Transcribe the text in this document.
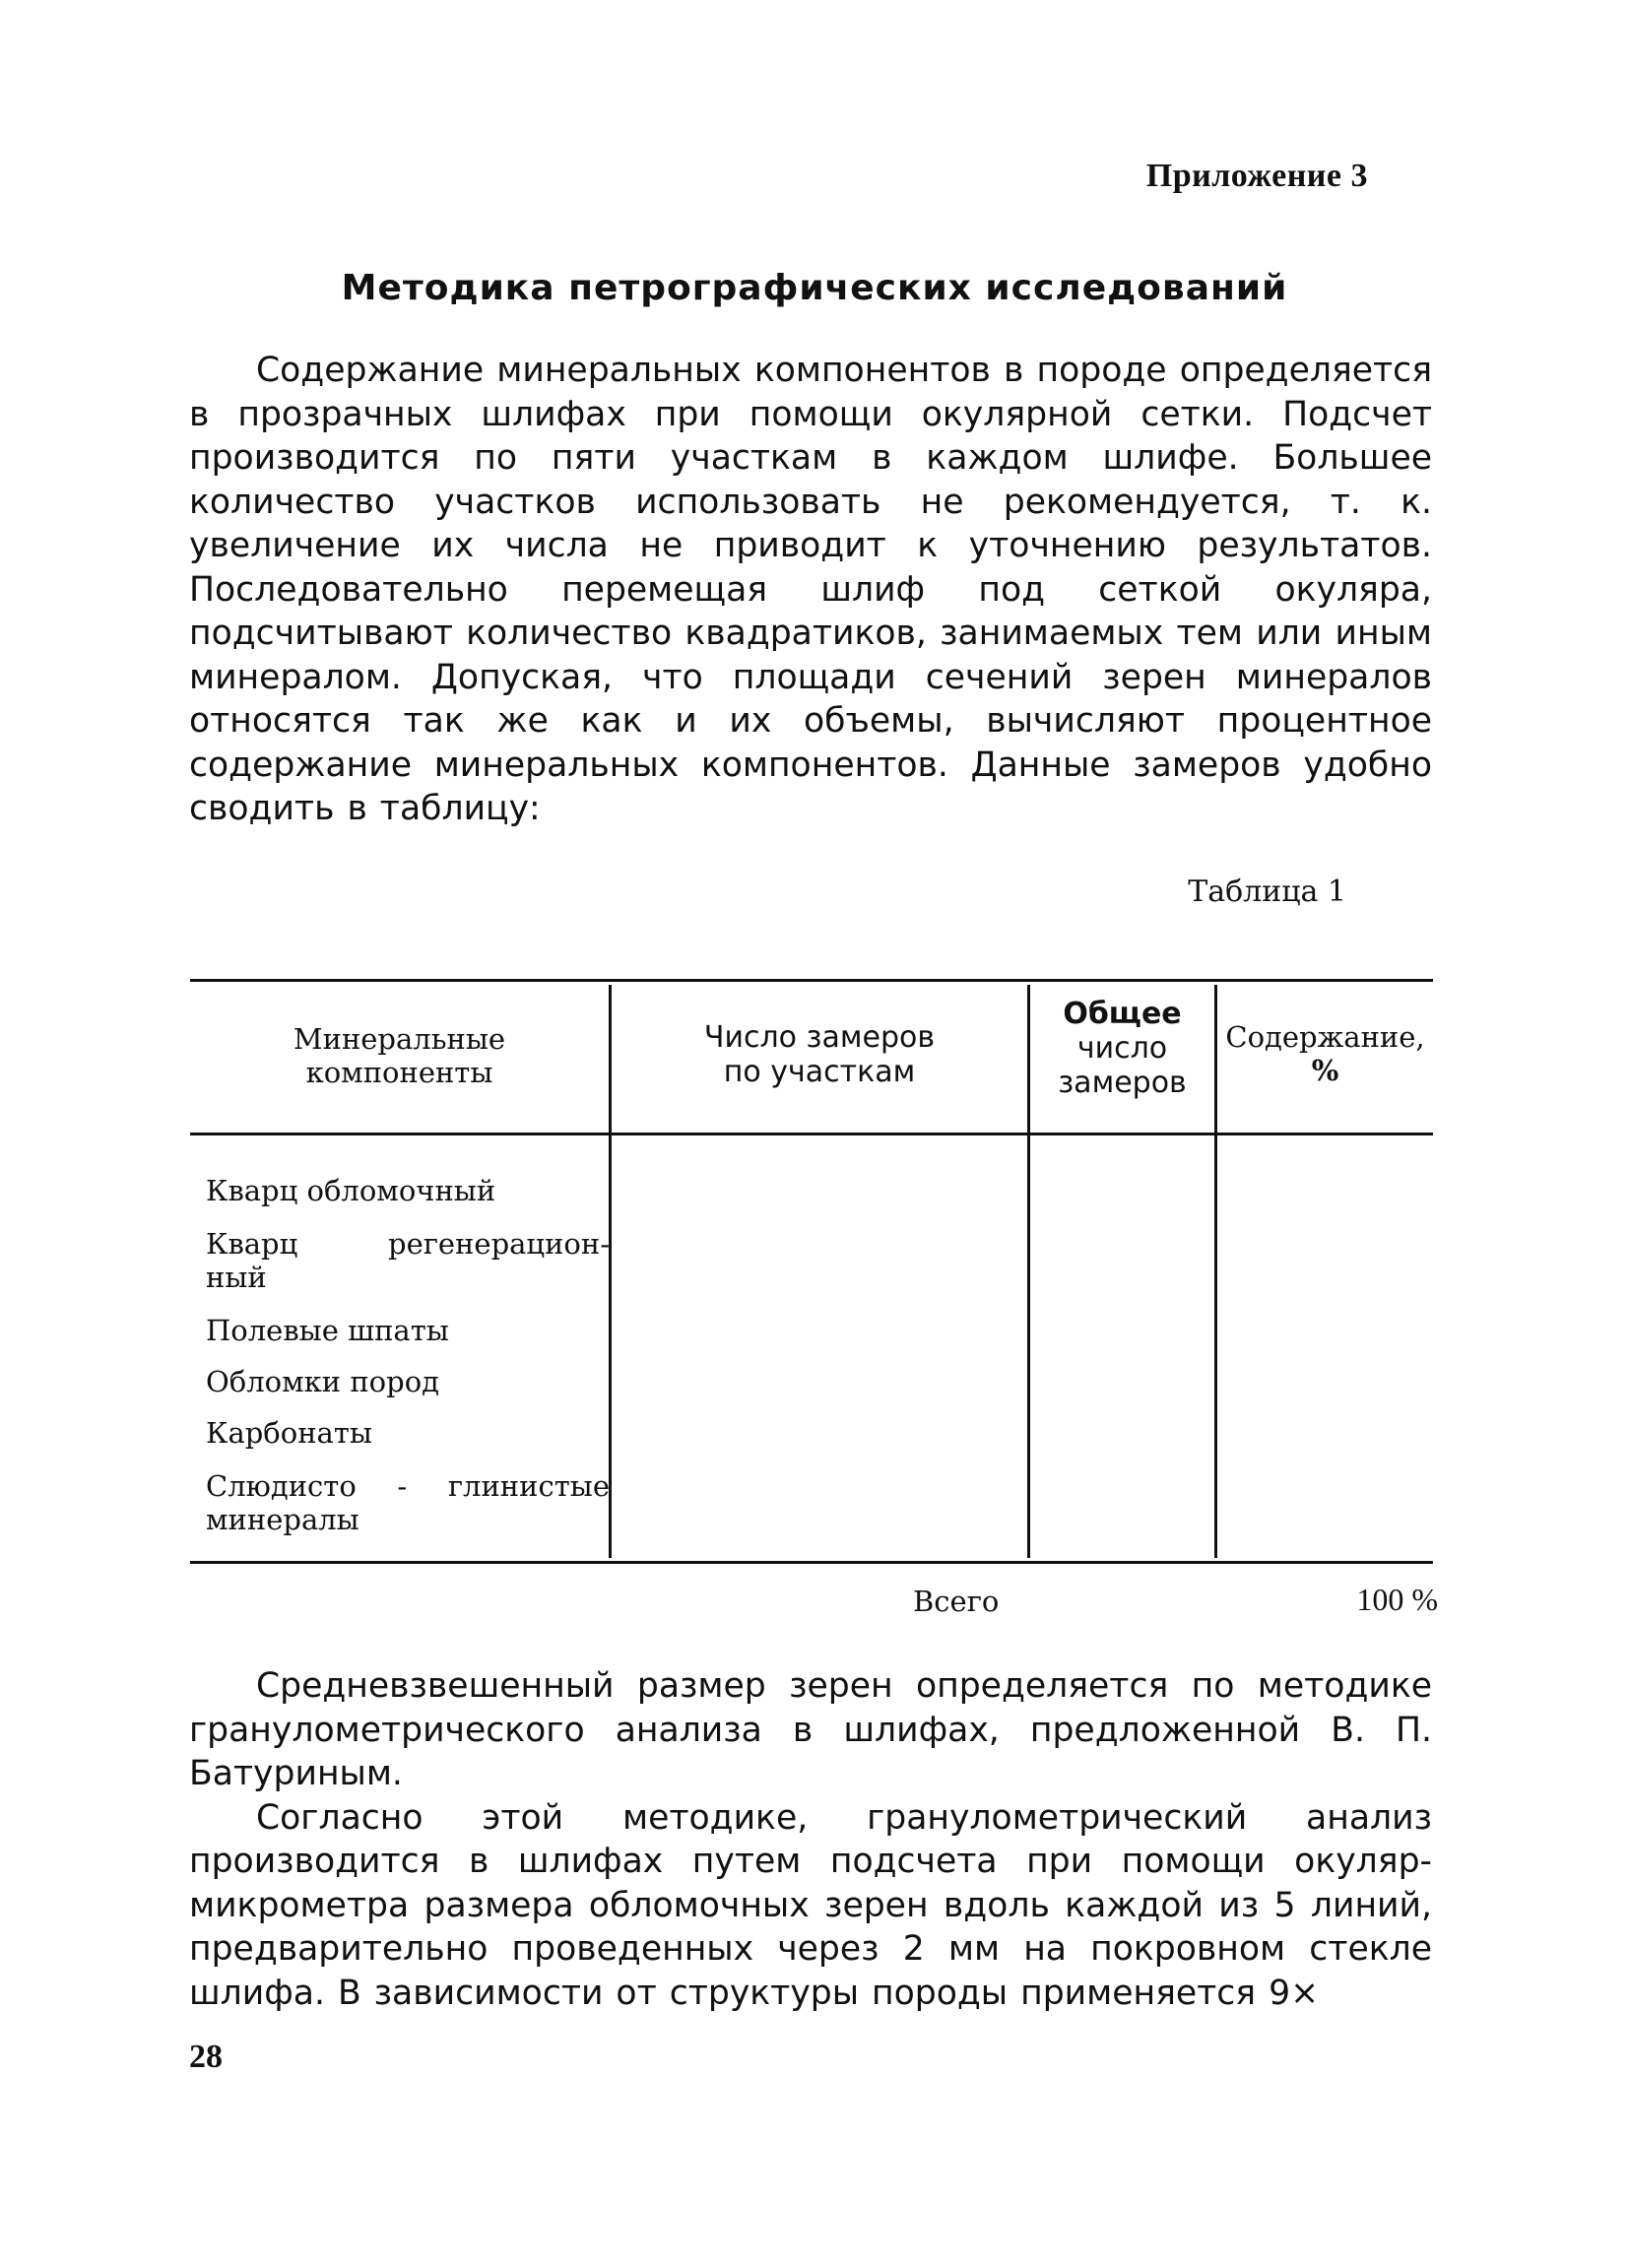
Приложение 3
Методика петрографических исследований

Содержание минеральных компонентов в породе определяется в прозрачных шлифах при помощи окулярной сетки. Подсчет производится по пяти участкам в каждом шлифе. Большее количество участков использовать не рекомендуется, т. к. увеличение их числа не приводит к уточнению результатов. Последовательно перемещая шлиф под сеткой окуляра, подсчитывают количество квадратиков, занимаемых тем или иным минералом. Допуская, что площади сечений зерен минералов относятся так же как и их объемы, вычисляют процентное содержание минеральных компонентов. Данные замеров удобно сводить в таблицу:

Таблица 1
Минеральные
компоненты
Число замеров
по участкам
Общее
число
замеров
Содержание,
%
Кварц обломочный
Кварц регенерацион-
ный
Полевые шпаты
Обломки пород
Карбонаты
Слюдисто - глинистые
минералы
Всего	100 %

Средневзвешенный размер зерен определяется по методике гранулометрического анализа в шлифах, предложенной В. П. Батуриным.

Согласно этой методике, гранулометрический анализ производится в шлифах путем подсчета при помощи окуляр-микрометра размера обломочных зерен вдоль каждой из 5 линий, предварительно проведенных через 2 мм на покровном стекле шлифа. В зависимости от структуры породы применяется 9×

28
